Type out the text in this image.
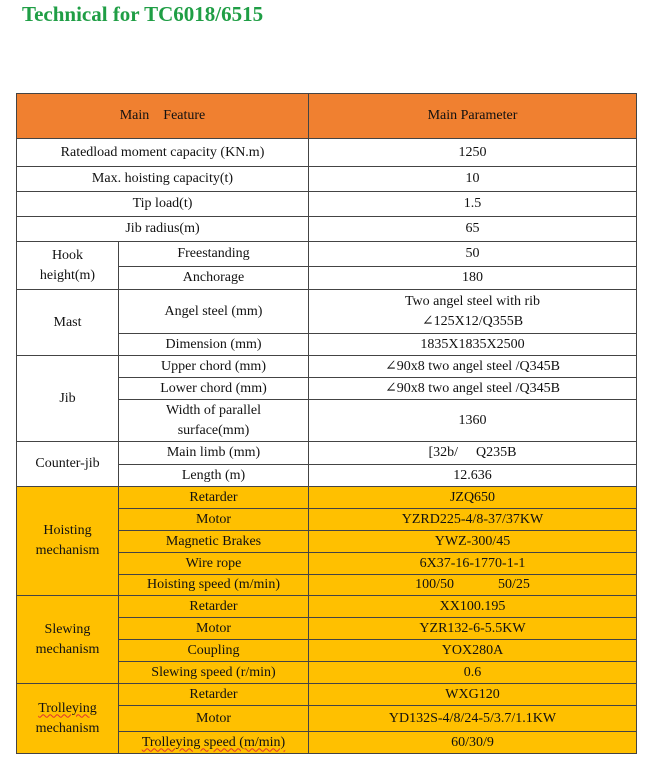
Technical for TC6018/6515
Main    Feature		Main Parameter
Ratedload moment capacity (KN.m)		1250
Max. hoisting capacity(t)		10
Tip load(t)		1.5
Jib radius(m)		65

Hook
height(m)	Freestanding	50
	Anchorage	180
Mast	Angel steel (mm)	Two angel steel with rib
∠125X12/Q355B

	Dimension (mm)	1835X1835X2500
Jib	Upper chord (mm)	∠90x8 two angel steel /Q345B
	Lower chord (mm)	∠90x8 two angel steel /Q345B

	Width of parallel
surface(mm)	1360
Counter-jib	Main limb (mm)	[32b/ Q235B
	Length (m)	12.636

Hoisting
mechanism	Retarder	JZQ650
	Motor	YZRD225-4/8-37/37KW
	Magnetic Brakes	YWZ-300/45
	Wire rope	6X37-16-1770-1-1
	Hoisting speed (m/min)	100/50 50/25

Slewing
mechanism	Retarder	XX100.195
	Motor	YZR132-6-5.5KW
	Coupling	YOX280A
	Slewing speed (r/min)	0.6

Trolleying
mechanism	Retarder	WXG120
	Motor	YD132S-4/8/24-5/3.7/1.1KW
	Trolleying speed (m/min)	60/30/9
